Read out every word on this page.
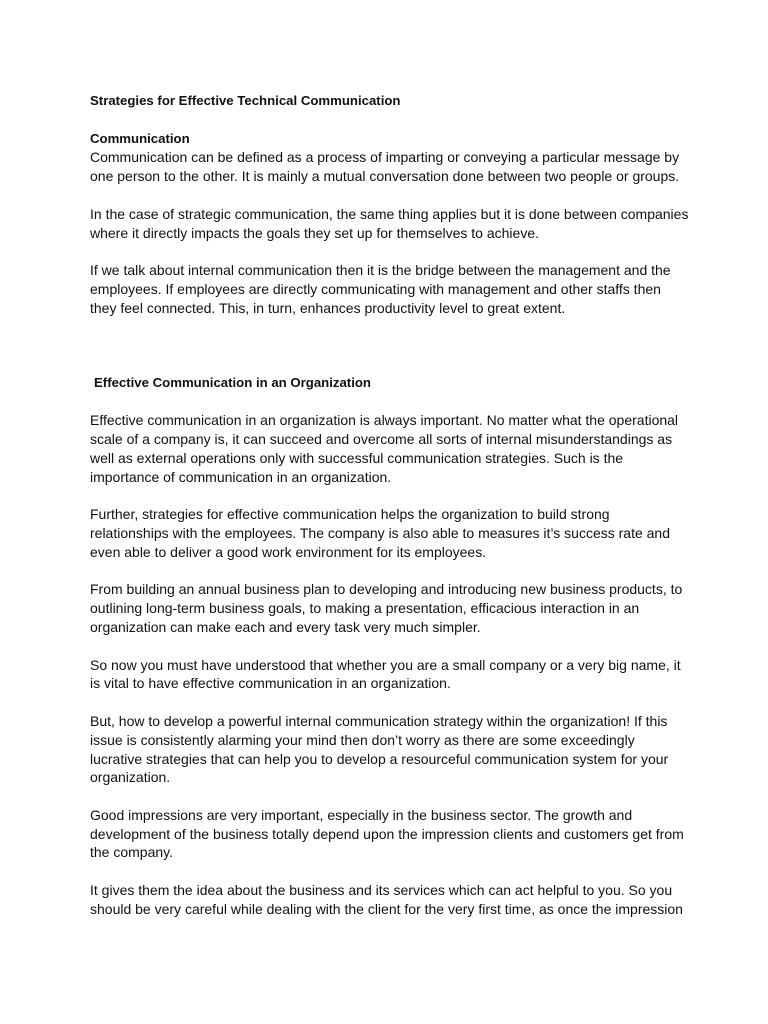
Strategies for Effective Technical Communication
Communication

Communication can be defined as a process of imparting or conveying a particular message by one person to the other. It is mainly a mutual conversation done between two people or groups.

In the case of strategic communication, the same thing applies but it is done between companies where it directly impacts the goals they set up for themselves to achieve.

If we talk about internal communication then it is the bridge between the management and the employees. If employees are directly communicating with management and other staffs then they feel connected. This, in turn, enhances productivity level to great extent.

Effective Communication in an Organization

Effective communication in an organization is always important. No matter what the operational scale of a company is, it can succeed and overcome all sorts of internal misunderstandings as well as external operations only with successful communication strategies. Such is the importance of communication in an organization.

Further, strategies for effective communication helps the organization to build strong relationships with the employees. The company is also able to measures it’s success rate and even able to deliver a good work environment for its employees.

From building an annual business plan to developing and introducing new business products, to outlining long-term business goals, to making a presentation, efficacious interaction in an organization can make each and every task very much simpler.

So now you must have understood that whether you are a small company or a very big name, it is vital to have effective communication in an organization.

But, how to develop a powerful internal communication strategy within the organization! If this issue is consistently alarming your mind then don’t worry as there are some exceedingly lucrative strategies that can help you to develop a resourceful communication system for your organization.

Good impressions are very important, especially in the business sector. The growth and development of the business totally depend upon the impression clients and customers get from the company.

It gives them the idea about the business and its services which can act helpful to you. So you should be very careful while dealing with the client for the very first time, as once the impression
